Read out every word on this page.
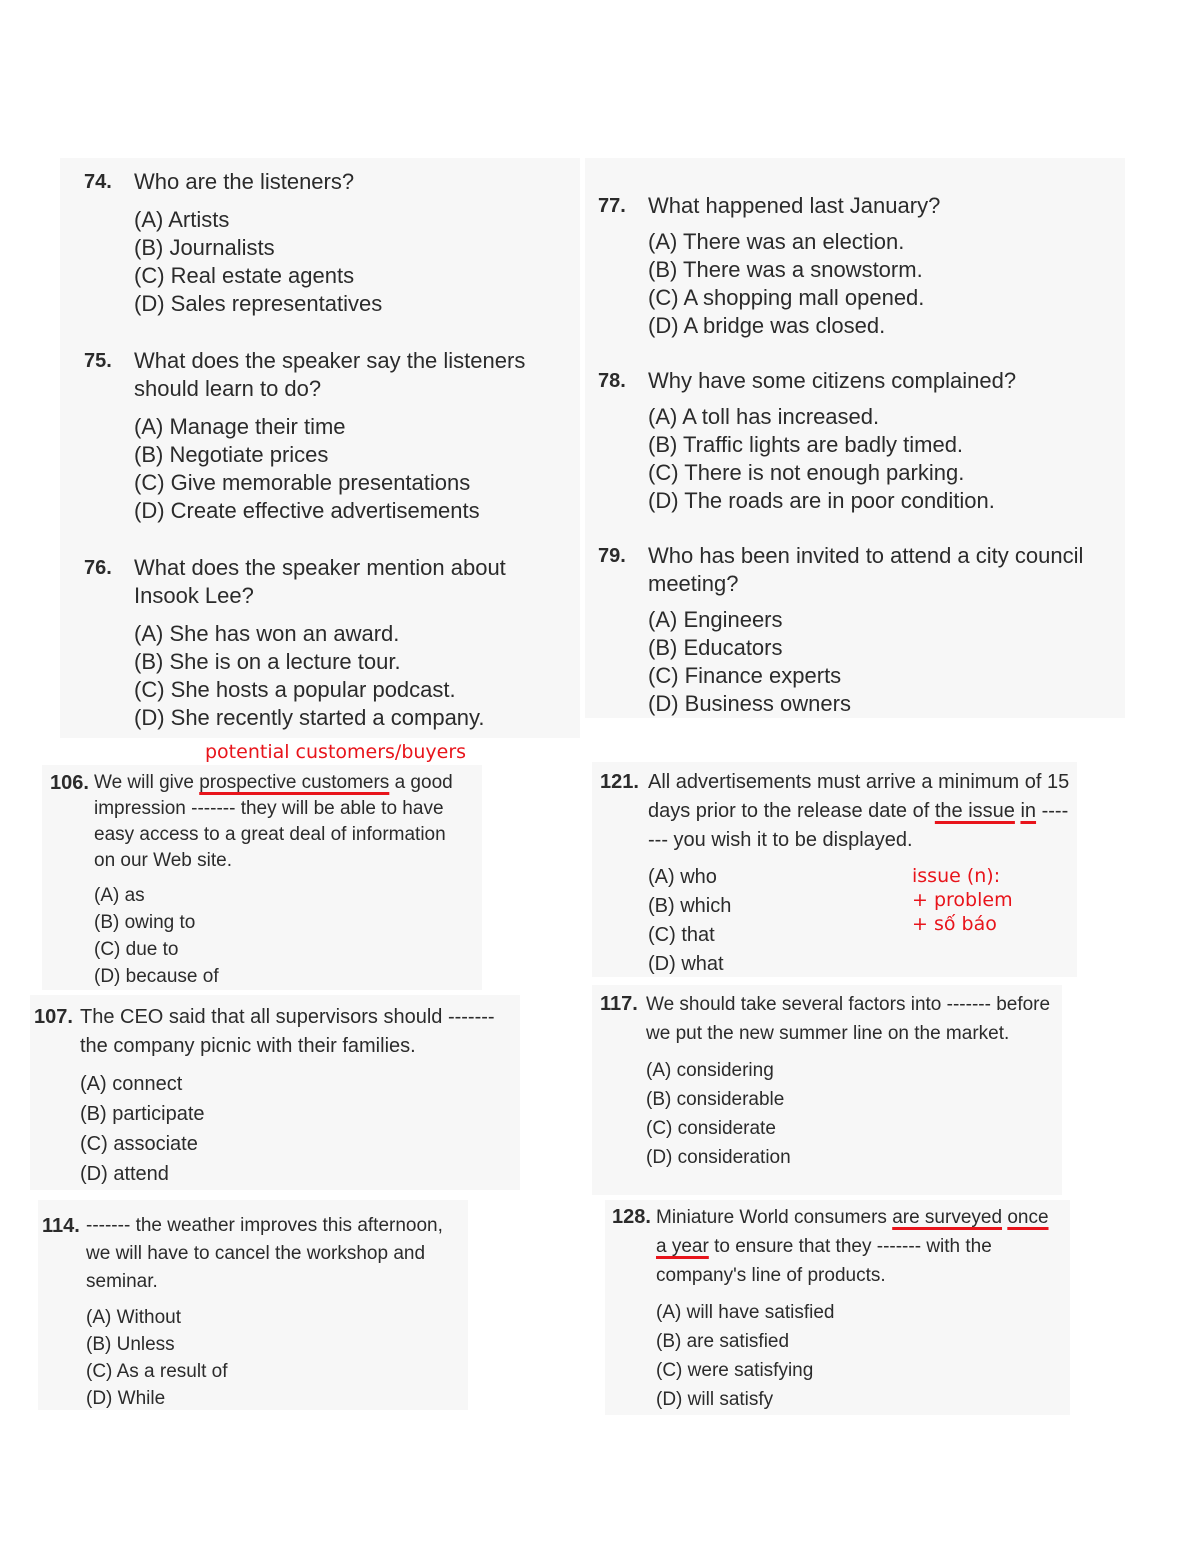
74. Who are the listeners?
(A) Artists
(B) Journalists
(C) Real estate agents
(D) Sales representatives
75. What does the speaker say the listeners should learn to do?
(A) Manage their time
(B) Negotiate prices
(C) Give memorable presentations
(D) Create effective advertisements
76. What does the speaker mention about Insook Lee?
(A) She has won an award.
(B) She is on a lecture tour.
(C) She hosts a popular podcast.
(D) She recently started a company.
77. What happened last January?
(A) There was an election.
(B) There was a snowstorm.
(C) A shopping mall opened.
(D) A bridge was closed.
78. Why have some citizens complained?
(A) A toll has increased.
(B) Traffic lights are badly timed.
(C) There is not enough parking.
(D) The roads are in poor condition.
79. Who has been invited to attend a city council meeting?
(A) Engineers
(B) Educators
(C) Finance experts
(D) Business owners
potential customers/buyers
106. We will give prospective customers a good impression ------- they will be able to have easy access to a great deal of information on our Web site.
(A) as
(B) owing to
(C) due to
(D) because of
107. The CEO said that all supervisors should ------- the company picnic with their families.
(A) connect
(B) participate
(C) associate
(D) attend
114. ------- the weather improves this afternoon, we will have to cancel the workshop and seminar.
(A) Without
(B) Unless
(C) As a result of
(D) While
121. All advertisements must arrive a minimum of 15 days prior to the release date of the issue in ------- you wish it to be displayed.
(A) who
(B) which
(C) that
(D) what
issue (n):
+ problem
+ số báo
117. We should take several factors into ------- before we put the new summer line on the market.
(A) considering
(B) considerable
(C) considerate
(D) consideration
128. Miniature World consumers are surveyed once a year to ensure that they ------- with the company's line of products.
(A) will have satisfied
(B) are satisfied
(C) were satisfying
(D) will satisfy
